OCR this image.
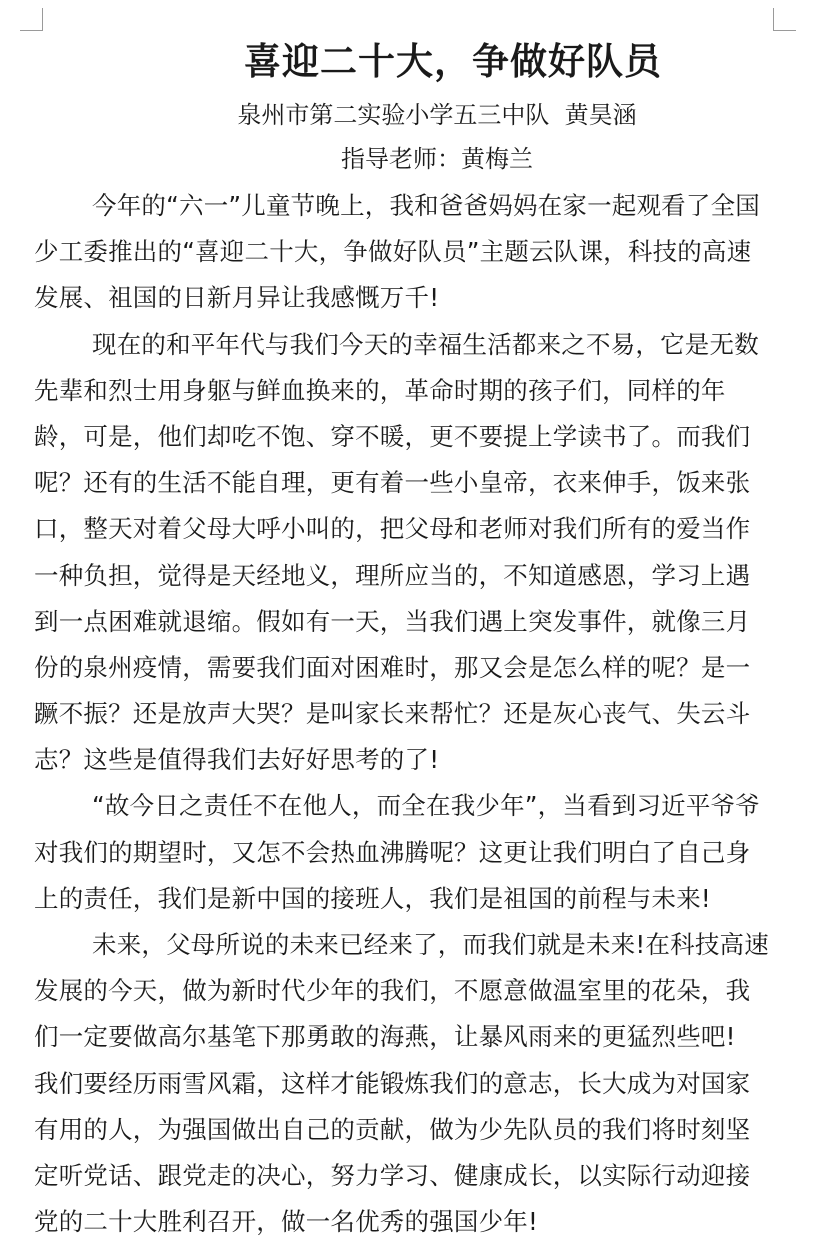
喜迎二十大，争做好队员
泉州市第二实验小学五三中队  黄昊涵
指导老师：黄梅兰
今年的“六一”儿童节晚上，我和爸爸妈妈在家一起观看了全国
少工委推出的“喜迎二十大，争做好队员”主题云队课，科技的高速
发展、祖国的日新月异让我感慨万千!
现在的和平年代与我们今天的幸福生活都来之不易，它是无数
先辈和烈士用身躯与鲜血换来的，革命时期的孩子们，同样的年
龄，可是，他们却吃不饱、穿不暖，更不要提上学读书了。而我们
呢？还有的生活不能自理，更有着一些小皇帝，衣来伸手，饭来张
口，整天对着父母大呼小叫的，把父母和老师对我们所有的爱当作
一种负担，觉得是天经地义，理所应当的，不知道感恩，学习上遇
到一点困难就退缩。假如有一天，当我们遇上突发事件，就像三月
份的泉州疫情，需要我们面对困难时，那又会是怎么样的呢？是一
蹶不振？还是放声大哭？是叫家长来帮忙？还是灰心丧气、失云斗
志？这些是值得我们去好好思考的了!
“故今日之责任不在他人，而全在我少年”，当看到习近平爷爷
对我们的期望时，又怎不会热血沸腾呢？这更让我们明白了自己身
上的责任，我们是新中国的接班人，我们是祖国的前程与未来!
未来，父母所说的未来已经来了，而我们就是未来!在科技高速
发展的今天，做为新时代少年的我们，不愿意做温室里的花朵，我
们一定要做高尔基笔下那勇敢的海燕，让暴风雨来的更猛烈些吧!
我们要经历雨雪风霜，这样才能锻炼我们的意志，长大成为对国家
有用的人，为强国做出自己的贡献，做为少先队员的我们将时刻坚
定听党话、跟党走的决心，努力学习、健康成长，以实际行动迎接
党的二十大胜利召开，做一名优秀的强国少年!
